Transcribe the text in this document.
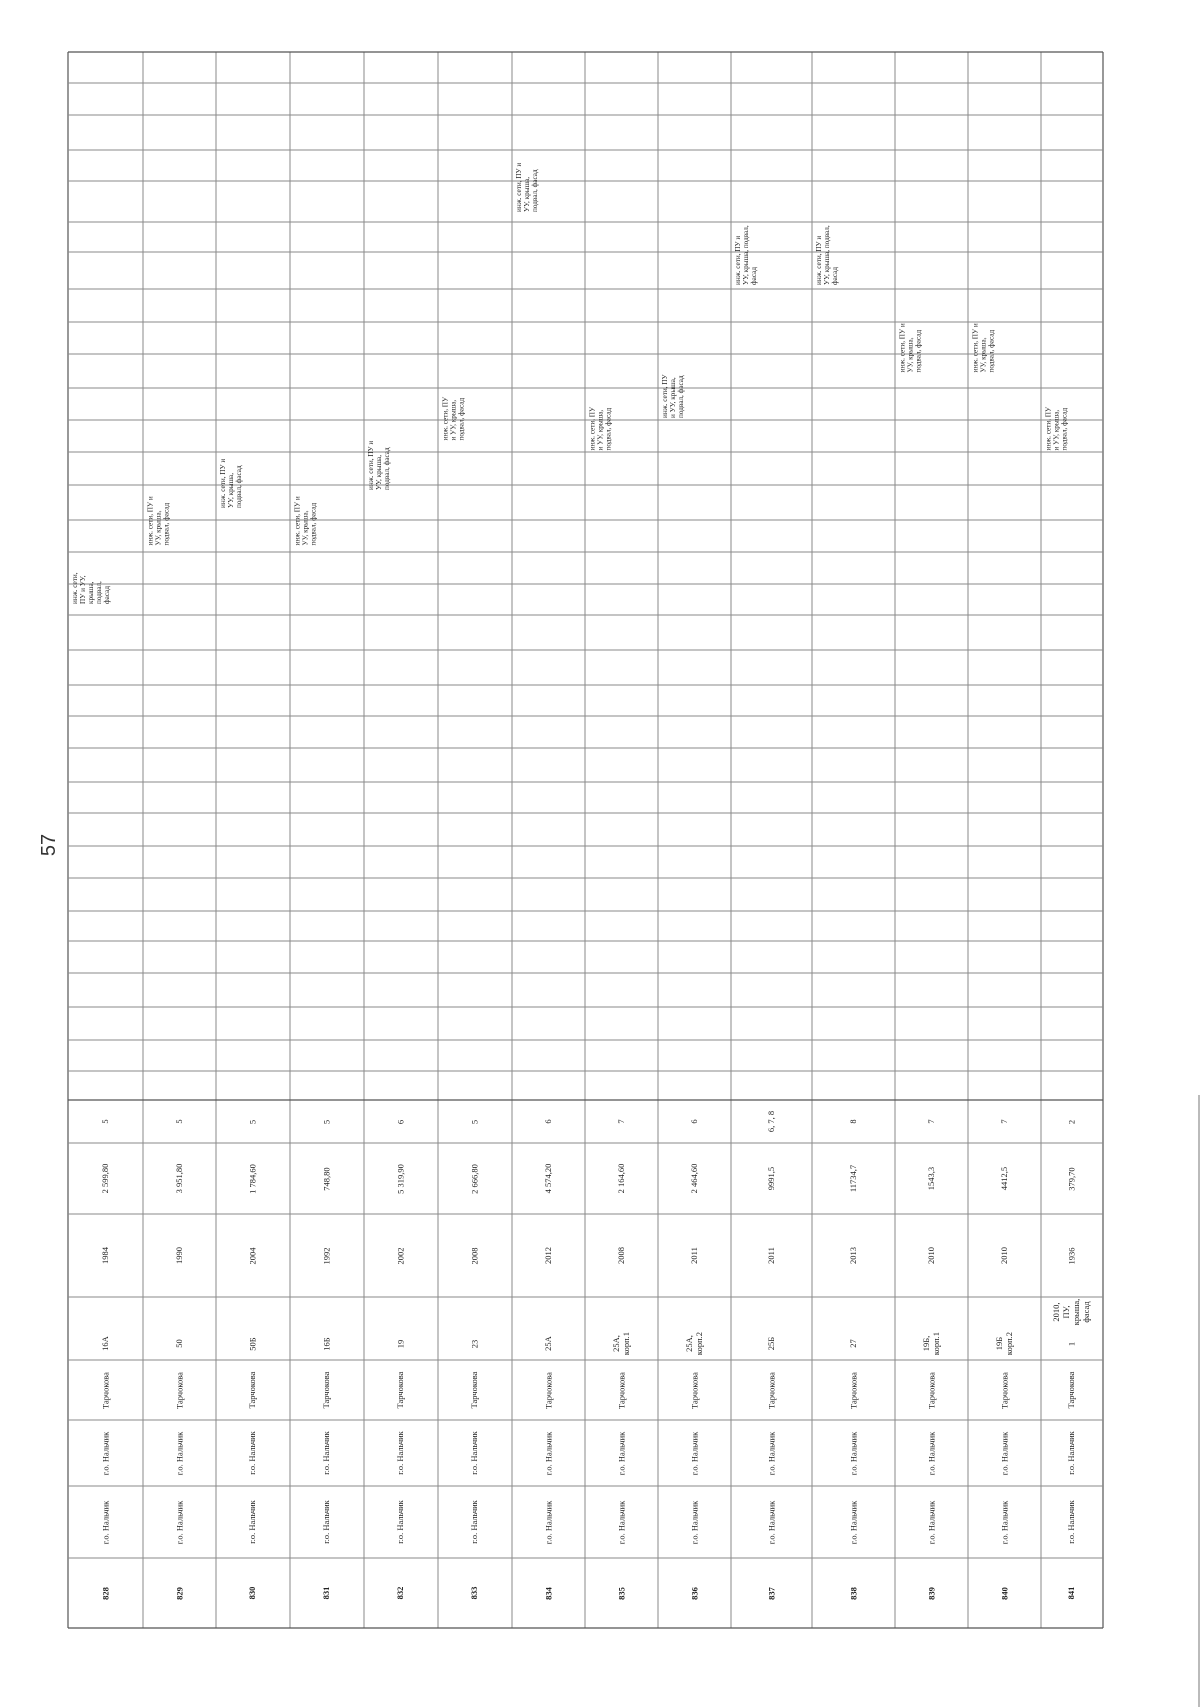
57
828
г.о. Нальчик
г.о. Нальчик
Тарчокова
16А
1984
2 599,80
5
инж. сети, ПУ и УУ, крыша, подвал, фасад
829
г.о. Нальчик
г.о. Нальчик
Тарчокова
50
1990
3 951,80
5
инж. сети, ПУ и УУ, крыша, подвал, фасад
830
г.о. Нальчик
г.о. Нальчик
Тарчокова
50Б
2004
1 784,60
5
инж. сети, ПУ и УУ, крыша, подвал, фасад
831
г.о. Нальчик
г.о. Нальчик
Тарчокова
16Б
1992
748,80
5
инж. сети, ПУ и УУ, крыша, подвал, фасад
832
г.о. Нальчик
г.о. Нальчик
Тарчокова
19
2002
5 319,90
6
инж. сети, ПУ и УУ, крыша, подвал, фасад
833
г.о. Нальчик
г.о. Нальчик
Тарчокова
23
2008
2 666,80
5
инж. сети, ПУ и УУ, крыша, подвал, фасад
834
г.о. Нальчик
г.о. Нальчик
Тарчокова
25А
2012
4 574,20
6
инж. сети, ПУ и УУ, крыша, подвал, фасад
835
г.о. Нальчик
г.о. Нальчик
Тарчокова
25А, корп.1
2008
2 164,60
7
инж. сети, ПУ и УУ, крыша, подвал, фасад
836
г.о. Нальчик
г.о. Нальчик
Тарчокова
25А, корп.2
2011
2 464,60
6
инж. сети, ПУ и УУ, крыша, подвал, фасад
837
г.о. Нальчик
г.о. Нальчик
Тарчокова
25Б
2011
9991,5
6, 7, 8
инж. сети, ПУ и УУ, крыша, подвал, фасад
838
г.о. Нальчик
г.о. Нальчик
Тарчокова
27
2013
11734,7
8
инж. сети, ПУ и УУ, крыша, подвал, фасад
839
г.о. Нальчик
г.о. Нальчик
Тарчокова
19Б, корп.1
2010
1543,3
7
инж. сети, ПУ и УУ, крыша, подвал, фасад
840
г.о. Нальчик
г.о. Нальчик
Тарчокова
19Б корп.2
2010
4412,5
7
инж. сети, ПУ и УУ, крыша, подвал, фасад
841
г.о. Нальчик
г.о. Нальчик
Тарчокова
1
2010, ПУ, крыша, фасад
1936
379,70
2
инж. сети, ПУ и УУ, крыша, подвал, фасад
